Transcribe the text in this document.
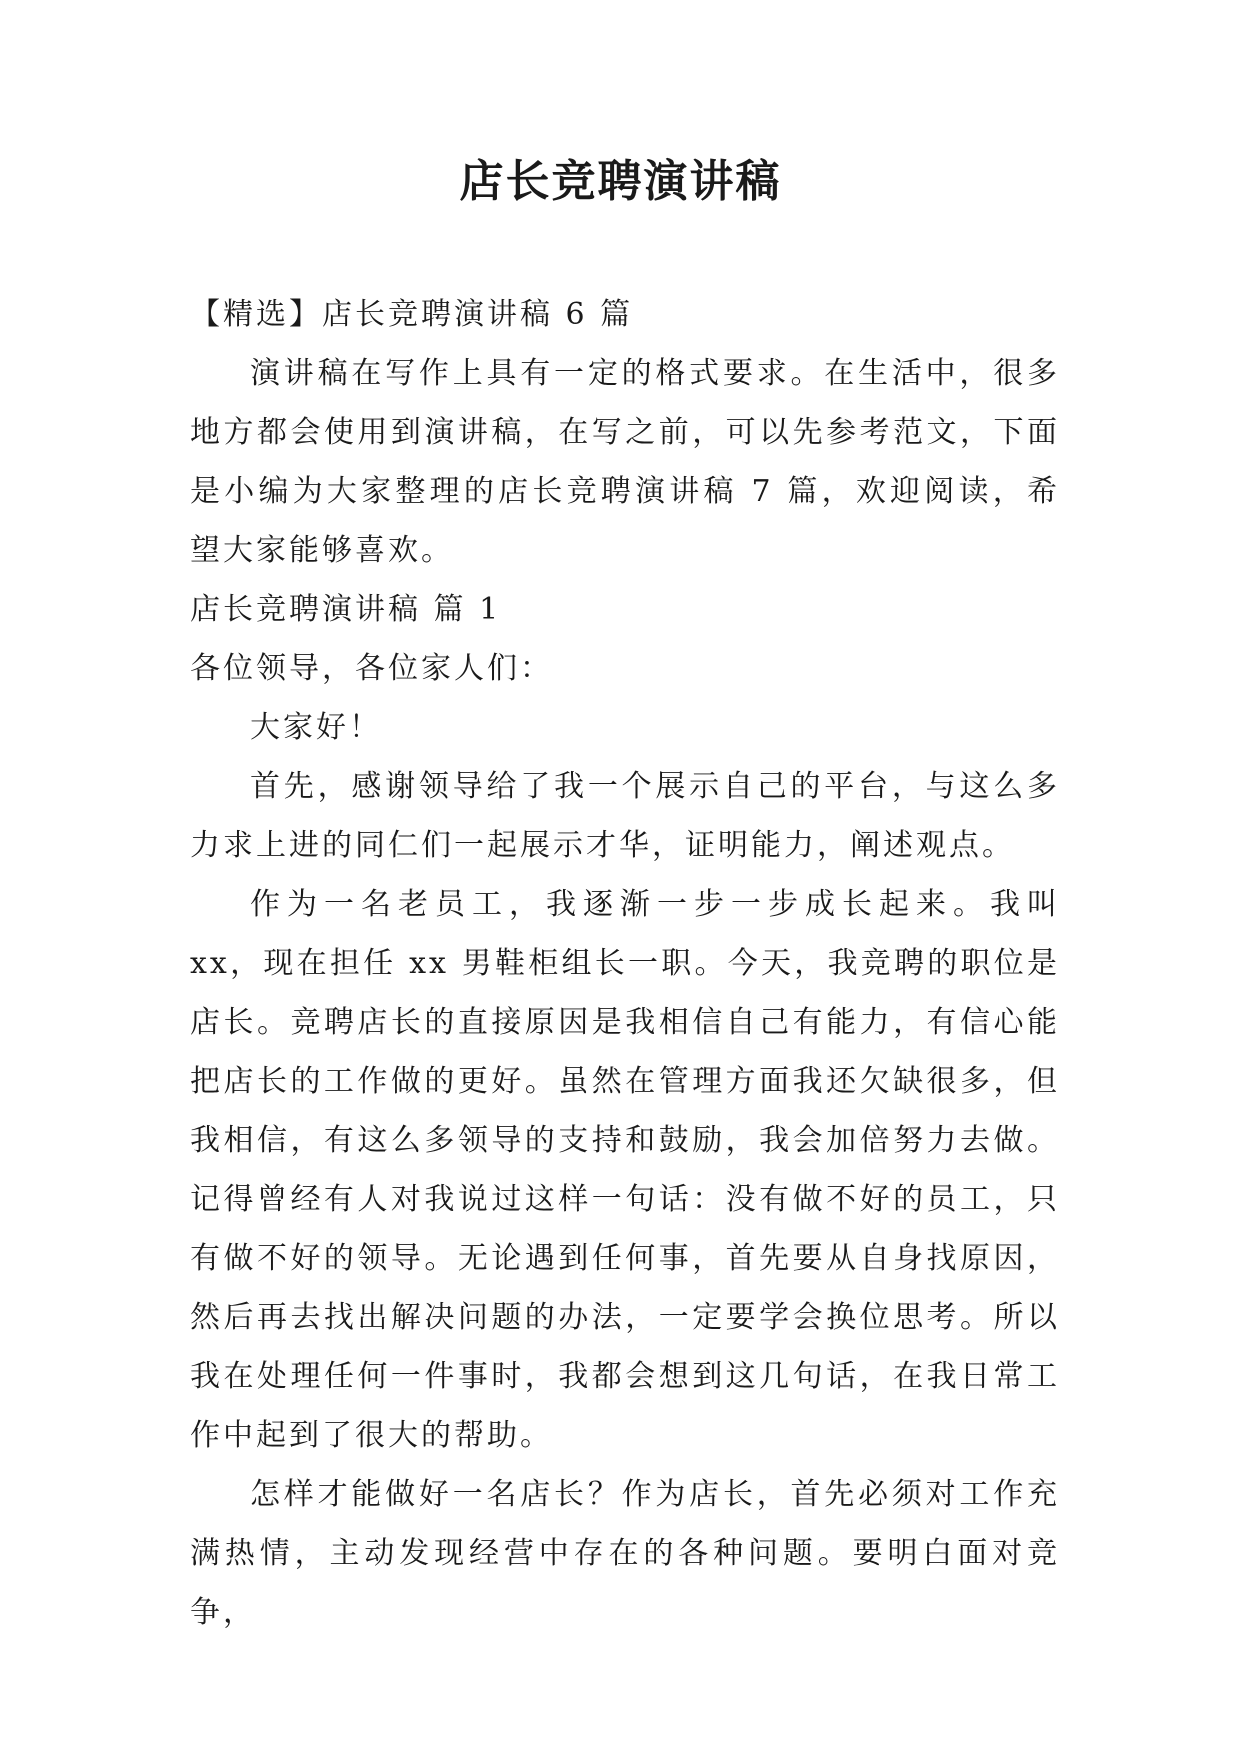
店长竞聘演讲稿

【精选】店长竞聘演讲稿 6 篇

演讲稿在写作上具有一定的格式要求。在生活中，很多地方都会使用到演讲稿，在写之前，可以先参考范文，下面是小编为大家整理的店长竞聘演讲稿 7 篇，欢迎阅读，希望大家能够喜欢。

店长竞聘演讲稿 篇 1

各位领导，各位家人们：

大家好！

首先，感谢领导给了我一个展示自己的平台，与这么多力求上进的同仁们一起展示才华，证明能力，阐述观点。

作为一名老员工，我逐渐一步一步成长起来。我叫 xx，现在担任 xx 男鞋柜组长一职。今天，我竞聘的职位是店长。竞聘店长的直接原因是我相信自己有能力，有信心能把店长的工作做的更好。虽然在管理方面我还欠缺很多，但我相信，有这么多领导的支持和鼓励，我会加倍努力去做。记得曾经有人对我说过这样一句话：没有做不好的员工，只有做不好的领导。无论遇到任何事，首先要从自身找原因，然后再去找出解决问题的办法，一定要学会换位思考。所以我在处理任何一件事时，我都会想到这几句话，在我日常工作中起到了很大的帮助。

怎样才能做好一名店长？作为店长，首先必须对工作充满热情，主动发现经营中存在的各种问题。要明白面对竞争，
